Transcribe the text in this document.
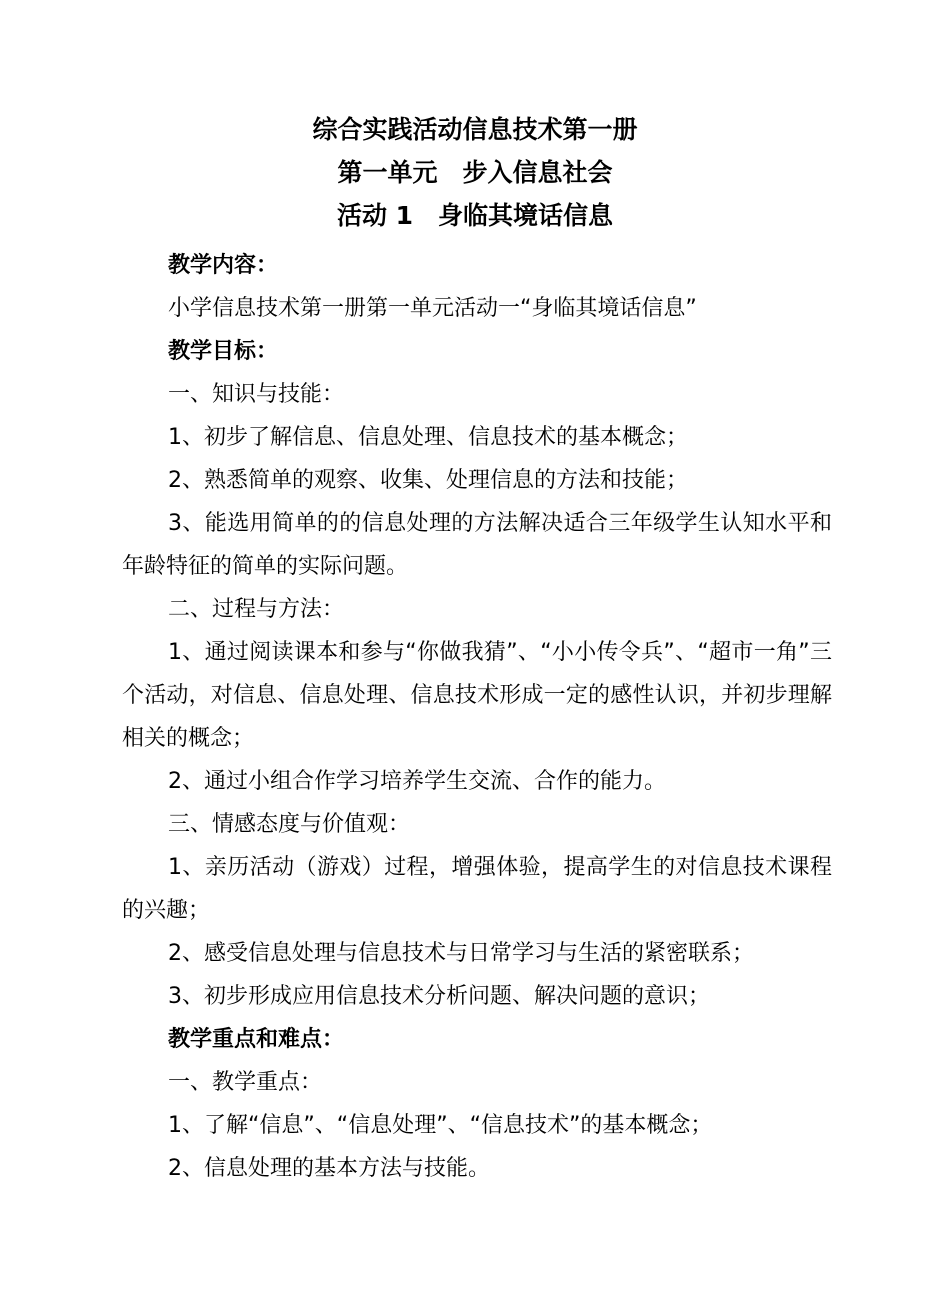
综合实践活动信息技术第一册
第一单元　步入信息社会
活动 1　身临其境话信息

教学内容：

小学信息技术第一册第一单元活动一“身临其境话信息”

教学目标：

一、知识与技能：

1、初步了解信息、信息处理、信息技术的基本概念；

2、熟悉简单的观察、收集、处理信息的方法和技能；

3、能选用简单的的信息处理的方法解决适合三年级学生认知水平和年龄特征的简单的实际问题。

二、过程与方法：

1、通过阅读课本和参与“你做我猜”、“小小传令兵”、“超市一角”三个活动，对信息、信息处理、信息技术形成一定的感性认识，并初步理解相关的概念；

2、通过小组合作学习培养学生交流、合作的能力。

三、情感态度与价值观：

1、亲历活动（游戏）过程，增强体验，提高学生的对信息技术课程的兴趣；

2、感受信息处理与信息技术与日常学习与生活的紧密联系；

3、初步形成应用信息技术分析问题、解决问题的意识；

教学重点和难点：

一、教学重点：

1、了解“信息”、“信息处理”、“信息技术”的基本概念；

2、信息处理的基本方法与技能。
